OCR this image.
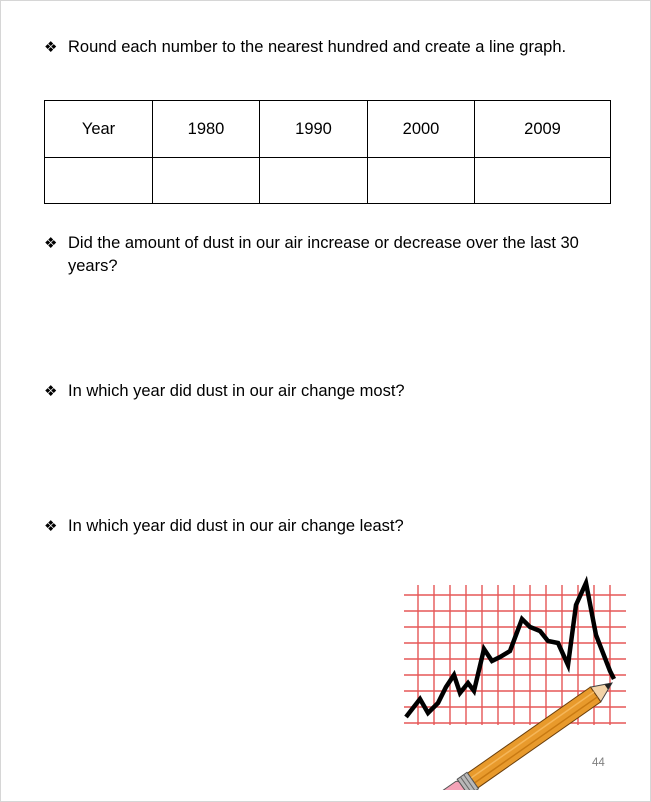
❖ Round each number to the nearest hundred and create a line graph.
Year	1980	1990	2000	2009

❖ Did the amount of dust in our air increase or decrease over the last 30 years?
❖ In which year did dust in our air change most?
❖ In which year did dust in our air change least?
44
